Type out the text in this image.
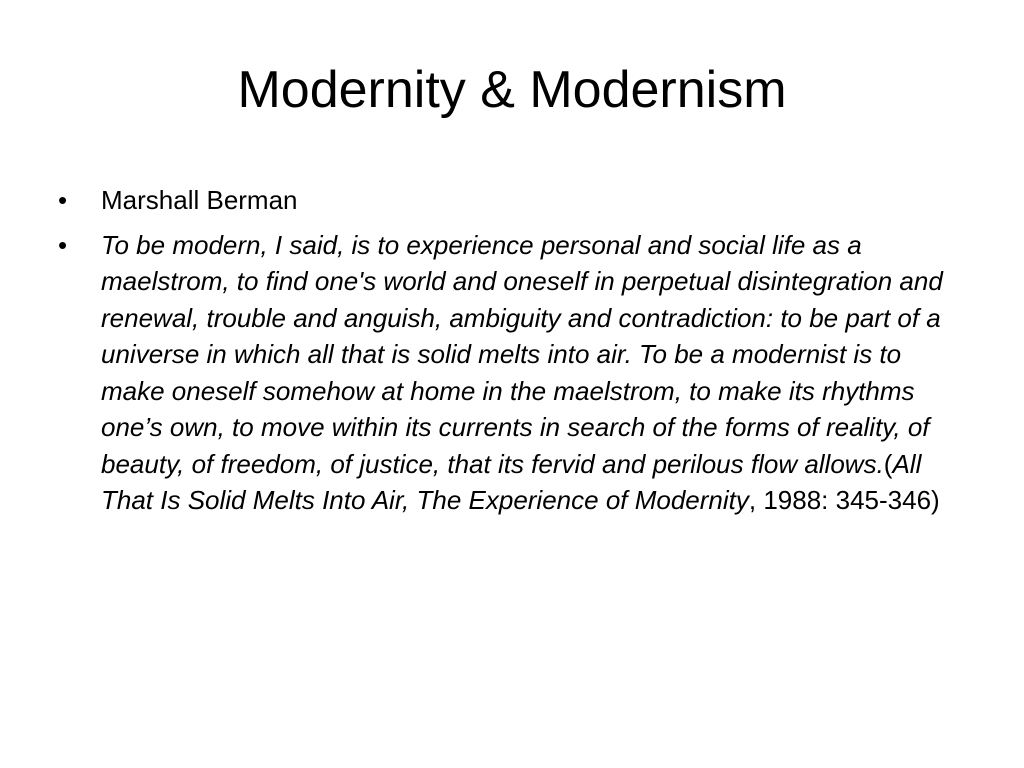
Modernity & Modernism
•	Marshall Berman
•	To be modern, I said, is to experience personal and social life as a maelstrom, to find one's world and oneself in perpetual disintegration and renewal, trouble and anguish, ambiguity and contradiction: to be part of a universe in which all that is solid melts into air. To be a modernist is to make oneself somehow at home in the maelstrom, to make its rhythms one’s own, to move within its currents in search of the forms of reality, of beauty, of freedom, of justice, that its fervid and perilous flow allows.(All That Is Solid Melts Into Air, The Experience of Modernity, 1988: 345-346)
